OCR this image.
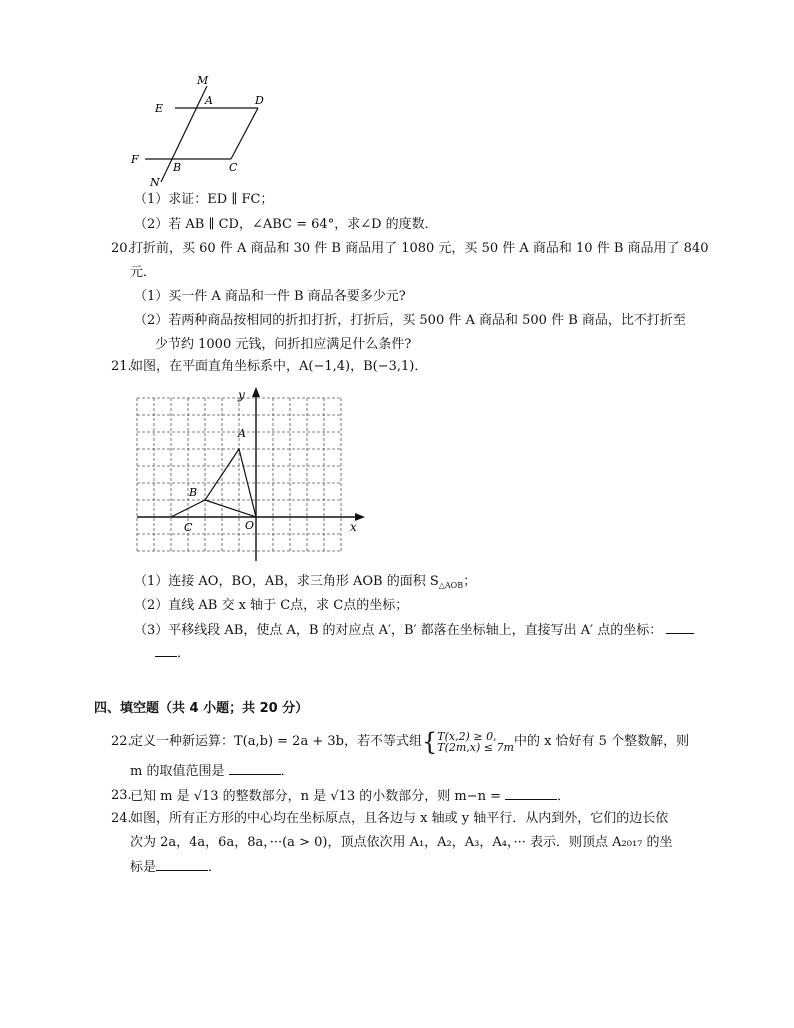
M
A
E
D
F
B	C
N
（1）求证：ED ∥ FC；
（2）若 AB ∥ CD，∠ABC = 64°，求∠D 的度数．
20.
打折前，买 60 件 A 商品和 30 件 B 商品用了 1080 元，买 50 件 A 商品和 10 件 B 商品用了 840
元．
（1）买一件 A 商品和一件 B 商品各要多少元?
（2）若两种商品按相同的折扣打折，打折后，买 500 件 A 商品和 500 件 B 商品，比不打折至
少节约 1000 元钱，问折扣应满足什么条件?
21.
如图，在平面直角坐标系中，A(−1,4)，B(−3,1)．
y
x
A
B
C	O
（1）连接 AO，BO，AB，求三角形 AOB 的面积 $S_{\triangle AOB}$；
（2）直线 AB 交 x 轴于 C点，求 C点的坐标；
（3）平移线段 AB，使点 A，B 的对应点 A′，B′ 都落在坐标轴上，直接写出 A′ 点的坐标：
．
四、填空题（共 4 小题；共 20 分）
22.
定义一种新运算：T(a,b) = 2a + 3b，若不等式组{ T(x,2) ≥ 0,
T(2m,x) ≤ 7m 中的 x 恰好有 5 个整数解，则
m 的取值范围是	．
23.
已知 m 是 √13 的整数部分，n 是 √13 的小数部分，则 m−n =	．
24.
如图，所有正方形的中心均在坐标原点，且各边与 x 轴或 y 轴平行．从内到外，它们的边长依
次为 2a，4a，6a，8a，···(a > 0)，顶点依次用 A₁，A₂，A₃，A₄，··· 表示．则顶点 A₂₀₁₇ 的坐
标是	．
